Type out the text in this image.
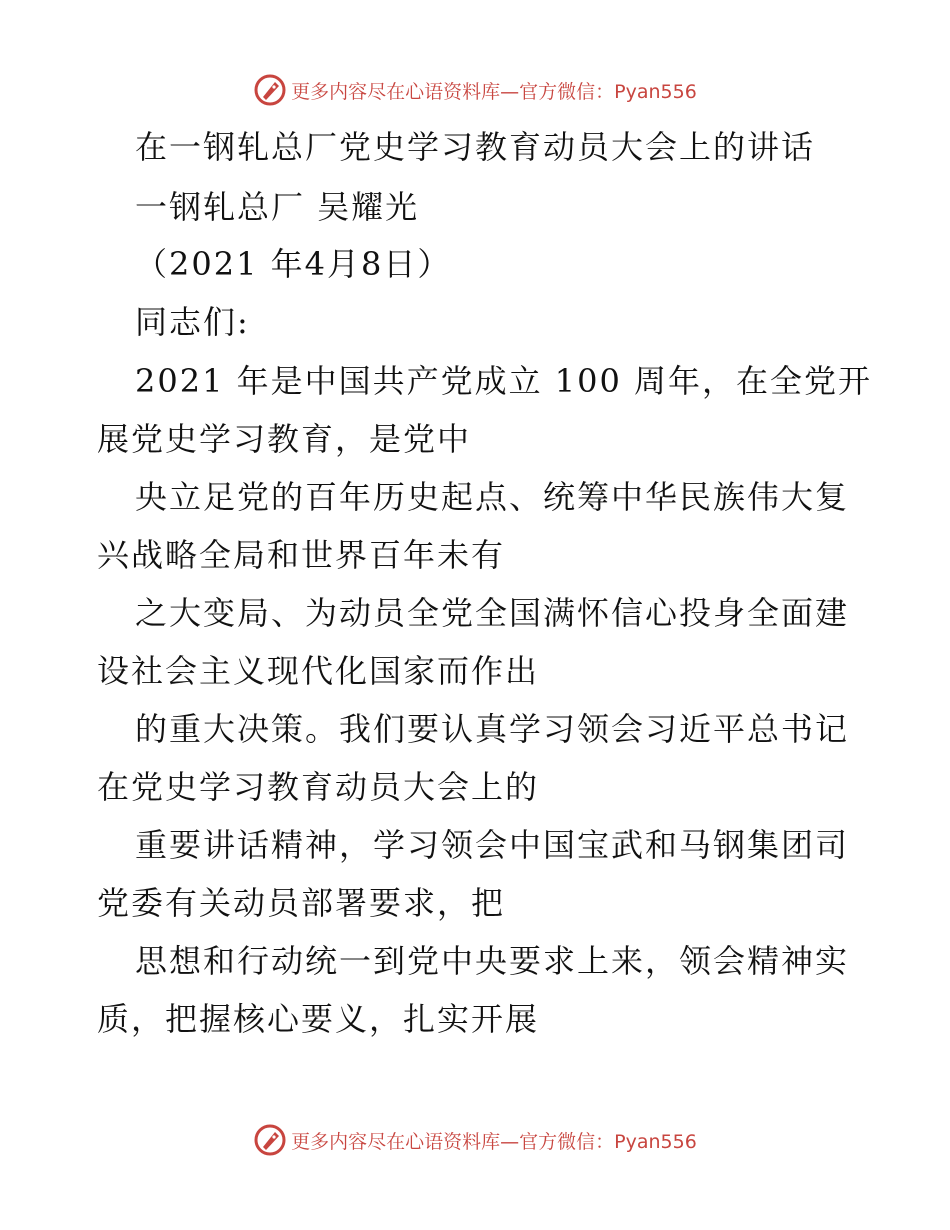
更多内容尽在心语资料库—官方微信：Pyan556
在一钢轧总厂党史学习教育动员大会上的讲话
一钢轧总厂 吴耀光
（2021 年4月8日）
同志们:
2021 年是中国共产党成立 100 周年，在全党开
展党史学习教育，是党中
央立足党的百年历史起点、统筹中华民族伟大复
兴战略全局和世界百年未有
之大变局、为动员全党全国满怀信心投身全面建
设社会主义现代化国家而作出
的重大决策。我们要认真学习领会习近平总书记
在党史学习教育动员大会上的
重要讲话精神，学习领会中国宝武和马钢集团司
党委有关动员部署要求，把
思想和行动统一到党中央要求上来，领会精神实
质，把握核心要义，扎实开展
更多内容尽在心语资料库—官方微信：Pyan556
